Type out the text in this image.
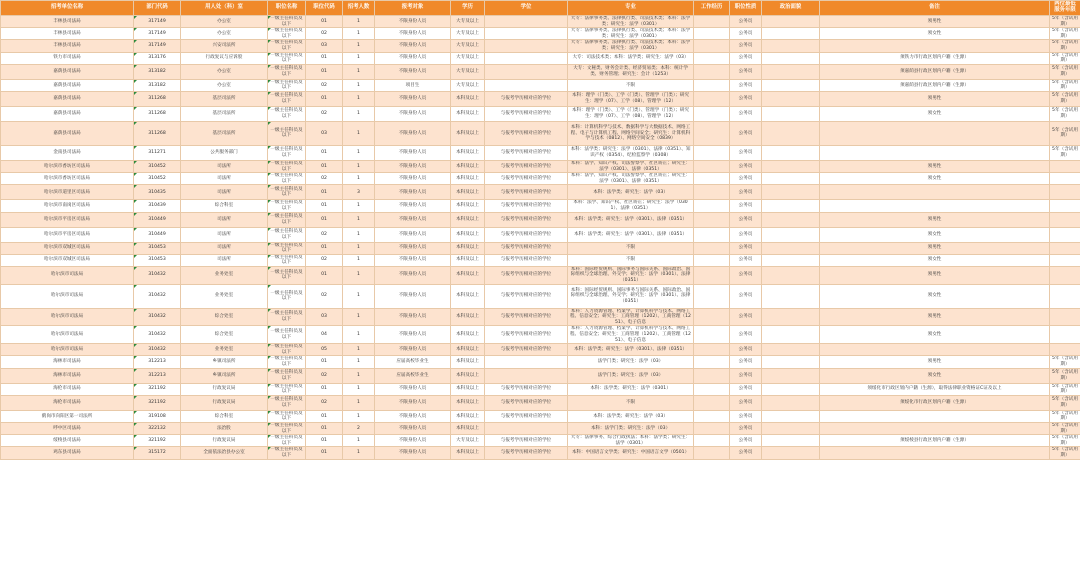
招考单位名称	部门代码	用人处（科）室	职位名称	职位代码	招考人数	报考对象	学历	学位	专业	工作经历	职位性质	政治面貌	备注	两位最低服务年限
丰林县司法局	317149	办公室	一级主任科员及以下	01	1	不限身份人员	大专及以上		大专：法律事务类、法律执行类、司法技术类；本科：法学类；研究生：法学（0301）		公务员		须男性	5年（含试用期）
丰林县司法局	317149	办公室	一级主任科员及以下	02	1	不限身份人员	大专及以上		大专：法律事务类、法律执行类、司法技术类；本科：法学类；研究生：法学（0301）		公务员		须女性	5年（含试用期）
丰林县司法局	317149	兴安司法所	一级主任科员及以下	03	1	不限身份人员	大专及以上		大专：法律事务类、法律执行类、司法技术类；本科：法学类；研究生：法学（0301）		公务员			5年（含试用期）
铁力市司法局	313176	行政复议与应诉股	一级主任科员及以下	01	1	不限身份人员	大专及以上		大专：司法技术类；本科：法学类；研究生：法学（03）		公务员		须铁力市行政区划内户籍（生源）	5年（含试用期）
嘉荫县司法局	313182	办公室	一级主任科员及以下	01	1	不限身份人员	大专及以上		大专：文秘类、财务会计类、经济贸易类；本科：统计学类、财务管理；研究生：会计（1253）		公务员		须嘉荫县行政区划内户籍（生源）	5年（含试用期）
嘉荫县司法局	313182	办公室	一级主任科员及以下	02	1	项目生	大专及以上		不限		公务员		须嘉荫县行政区划内户籍（生源）	5年（含试用期）
嘉荫县司法局	311268	基层司法所	一级主任科员及以下	01	1	不限身份人员	本科及以上	与报考学历相对应的学位	本科：理学（门类）、工学（门类）、管理学（门类）；研究生：理学（07）、工学（08）、管理学（12）		公务员		须男性	5年（含试用期）
嘉荫县司法局	311268	基层司法所	一级主任科员及以下	02	1	不限身份人员	本科及以上	与报考学历相对应的学位	本科：理学（门类）、工学（门类）、管理学（门类）；研究生：理学（07）、工学（08）、管理学（12）		公务员		须女性	5年（含试用期）
嘉荫县司法局	311268	基层司法所	一级主任科员及以下	03	1	不限身份人员	本科及以上	与报考学历相对应的学位	本科：计算机科学与技术、数据科学与大数据技术、网络工程、电子与计算机工程、网络空间安全；研究生：计算机科学与技术（0812）、网络空间安全（0839）		公务员			5年（含试用期）
金南县司法局	311271	公共服务部门	一级主任科员及以下	01	1	不限身份人员	本科及以上	与报考学历相对应的学位	本科：法学类；研究生：法学（0301）、法律（0351）、知识产权（0354）、纪检监察学（0308）		公务员			5年（含试用期）
哈尔滨市香坊区司法局	310452	司法所	一级主任科员及以下	01	1	不限身份人员	本科及以上	与报考学历相对应的学位	本科：法学、知识产权、司法警察学、社区矫正；研究生：法学（0301）、法律（0351）		公务员		须男性	
哈尔滨市香坊区司法局	310452	司法所	一级主任科员及以下	02	1	不限身份人员	本科及以上	与报考学历相对应的学位	本科：法学、知识产权、司法警察学、社区矫正；研究生：法学（0301）、法律（0351）		公务员		须女性	
哈尔滨市道里区司法局	310435	司法所	一级主任科员及以下	01	3	不限身份人员	本科及以上	与报考学历相对应的学位	本科：法学类；研究生：法学（03）		公务员			
哈尔滨市南岗区司法局	310439	综合科室	一级主任科员及以下	01	1	不限身份人员	本科及以上	与报考学历相对应的学位	本科：法学、知识产权、社区矫正；研究生：法学（0301）、法律（0351）		公务员			
哈尔滨市平房区司法局	310449	司法所	一级主任科员及以下	01	1	不限身份人员	本科及以上	与报考学历相对应的学位	本科：法学类；研究生：法学（0301）、法律（0351）		公务员		须男性	
哈尔滨市平房区司法局	310449	司法所	一级主任科员及以下	02	1	不限身份人员	本科及以上	与报考学历相对应的学位	本科：法学类；研究生：法学（0301）、法律（0351）		公务员		须女性	
哈尔滨市双城区司法局	310453	司法所	一级主任科员及以下	01	1	不限身份人员	本科及以上	与报考学历相对应的学位	不限		公务员		须男性	
哈尔滨市双城区司法局	310453	司法所	一级主任科员及以下	02	1	不限身份人员	本科及以上	与报考学历相对应的学位	不限		公务员		须女性	
哈尔滨市司法局	310432	业务处室	一级主任科员及以下	01	1	不限身份人员	本科及以上	与报考学历相对应的学位	本科：国际经贸规则、国际事务与国际关系、国际政治、国际组织与全球治理、外交学；研究生：法学（0301）、法律（0351）		公务员		须男性	
哈尔滨市司法局	310432	业务处室	一级主任科员及以下	02	1	不限身份人员	本科及以上	与报考学历相对应的学位	本科：国际经贸规则、国际事务与国际关系、国际政治、国际组织与全球治理、外交学；研究生：法学（0301）、法律（0351）		公务员		须女性	
哈尔滨市司法局	310432	综合处室	一级主任科员及以下	03	1	不限身份人员	本科及以上	与报考学历相对应的学位	本科：人力资源管理、档案学、计算机科学与技术、网络工程、信息安全；研究生：工商管理（1202）、工商管理（1251）、电子信息		公务员		须男性	
哈尔滨市司法局	310432	综合处室	一级主任科员及以下	04	1	不限身份人员	本科及以上	与报考学历相对应的学位	本科：人力资源管理、档案学、计算机科学与技术、网络工程、信息安全；研究生：工商管理（1202）、工商管理（1251）、电子信息		公务员		须女性	
哈尔滨市司法局	310432	业务处室	一级主任科员及以下	05	1	不限身份人员	本科及以上	与报考学历相对应的学位	本科：法学类；研究生：法学（0301）、法律（0351）		公务员			
海林市司法局	312213	乡镇司法所	一级主任科员及以下	01	1	应届高校毕业生	本科及以上		法学门类；研究生：法学（03）		公务员		须男性	5年（含试用期）
海林市司法局	312213	乡镇司法所	一级主任科员及以下	02	1	应届高校毕业生	本科及以上		法学门类；研究生：法学（03）		公务员		须女性	5年（含试用期）
海伦市司法局	321192	行政复议局	一级主任科员及以下	01	1	不限身份人员	本科及以上	与报考学历相对应的学位	本科：法学类；研究生：法学（0301）		公务员		须绥化市行政区划内户籍（生源），取得法律职业资格证C证及以上	5年（含试用期）
海伦市司法局	321192	行政复议局	一级主任科员及以下	02	1	不限身份人员	本科及以上	与报考学历相对应的学位	不限		公务员		须绥化市行政区划内户籍（生源）	5年（含试用期）
鹤岗市向阳区第一司法所	319108	综合科室	一级主任科员及以下	01	1	不限身份人员	本科及以上	与报考学历相对应的学位	本科：法学类；研究生：法学（03）		公务员			5年（含试用期）
呼中区司法局	322132	法治股	一级主任科员及以下	01	2	不限身份人员	本科及以上		本科：法学门类；研究生：法学（03）		公务员			5年（含试用期）
绥棱县司法局	321192	行政复议局	一级主任科员及以下	01	1	不限身份人员	大专及以上	与报考学历相对应的学位	大专：法律事务、综合行政执法；本科：法学类；研究生：法学（0301）		公务员		须绥棱县行政区划内户籍（生源）	5年（含试用期）
鸡东县司法局	315172	全面依法治县办公室	一级主任科员及以下	01	1	不限身份人员	本科及以上	与报考学历相对应的学位	本科：中国语言文学类；研究生：中国语言文学（0501）		公务员			5年（含试用期）
